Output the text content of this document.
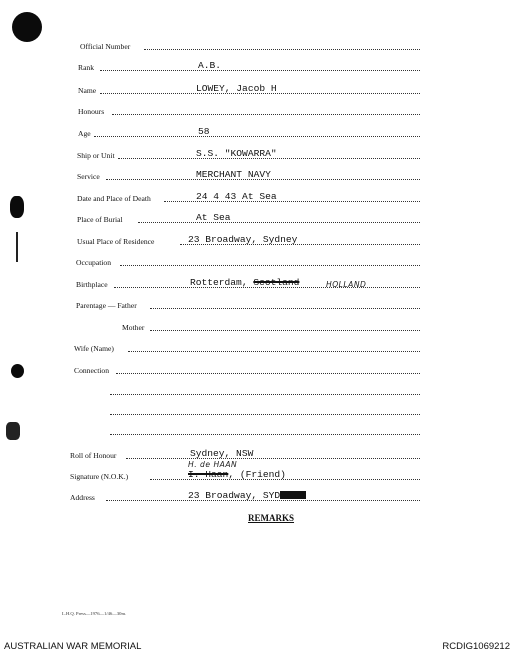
Official Number
Rank	A.B.
Name	LOWEY, Jacob H
Honours
Age	58
Ship or Unit	S.S. "KOWARRA"
Service	MERCHANT NAVY
Date and Place of Death	24 4 43 At Sea
Place of Burial	At Sea
Usual Place of Residence	23 Broadway, Sydney
Occupation
Birthplace	Rotterdam, Scotland	HOLLAND
Parentage — Father
Mother
Wife (Name)
Connection
Roll of Honour	Sydney, NSW
H. de HAAN
Signature (N.O.K.)	I. Haan, (Friend)
Address	23 Broadway, SYD
REMARKS
L.H.Q. Press—1976—1/46—30m.
AUSTRALIAN WAR MEMORIAL	RCDIG1069212
